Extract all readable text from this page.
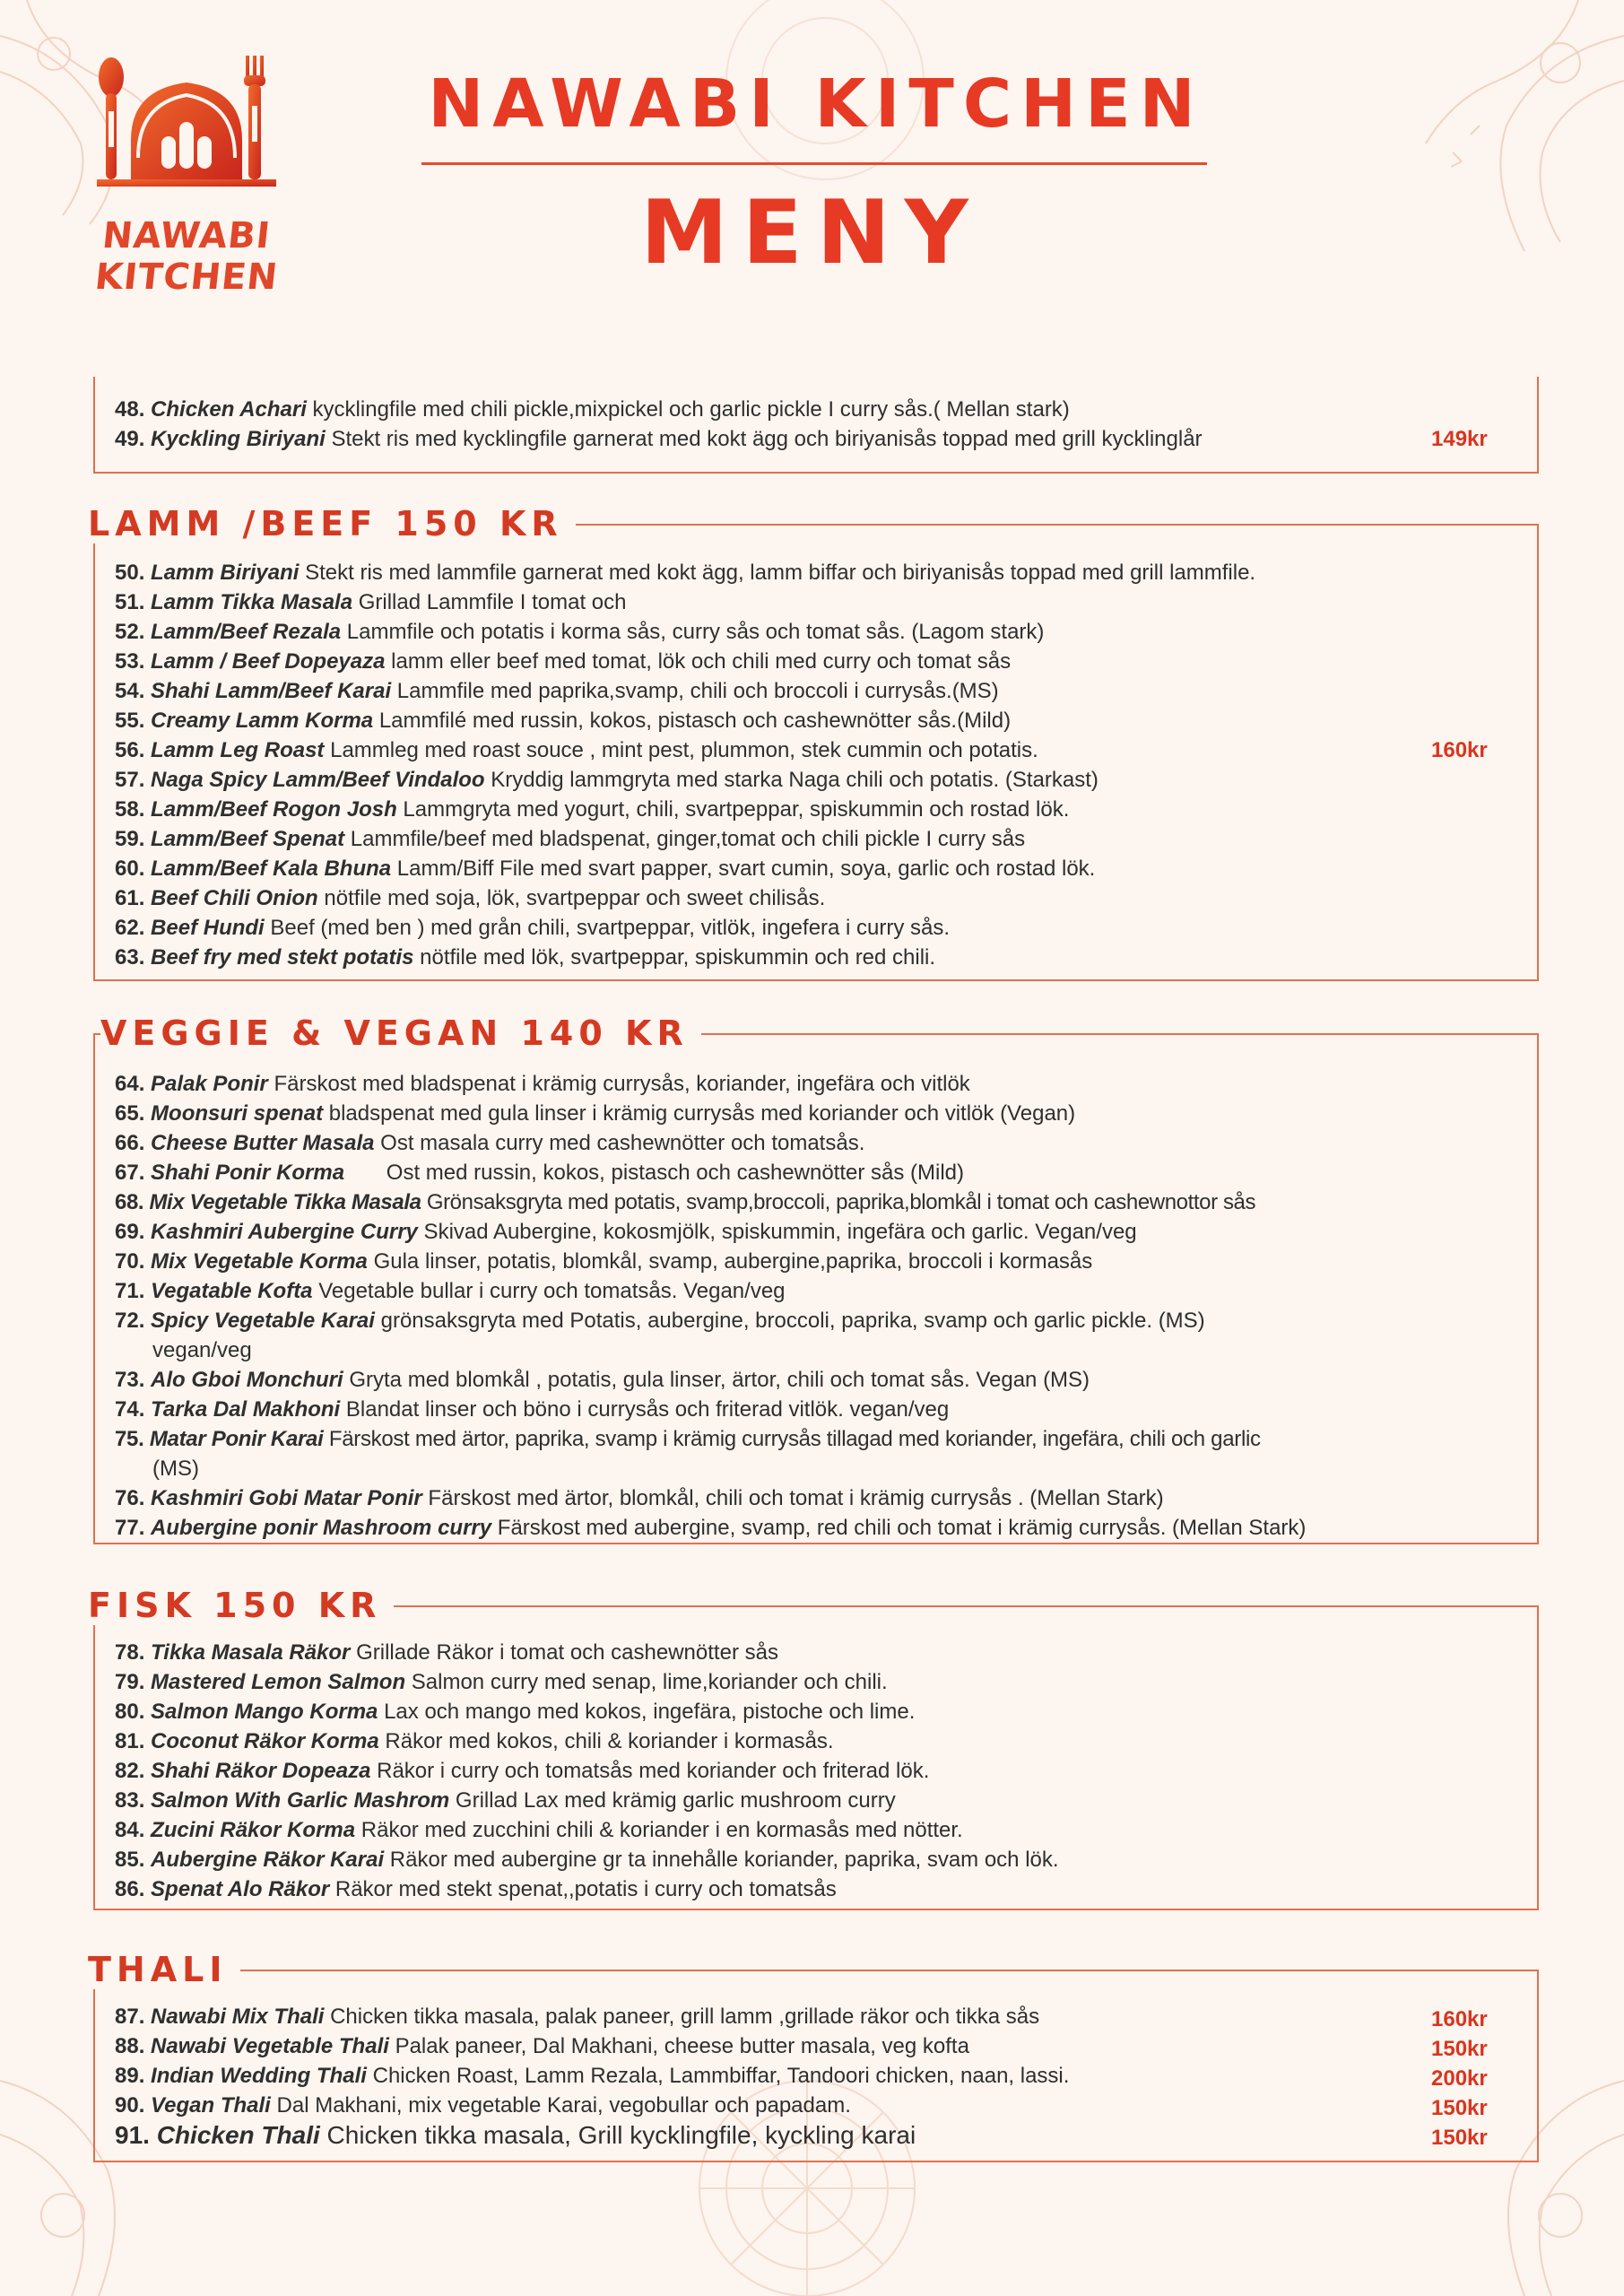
NAWABI
KITCHEN
NAWABI KITCHEN
MENY
LAMM /BEEF 150 KR
VEGGIE & VEGAN 140 KR
FISK 150 KR
THALI
48. Chicken Achari kycklingfile med chili pickle,mixpickel och garlic pickle I curry sås.( Mellan stark)
49. Kyckling Biriyani Stekt ris med kycklingfile garnerat med kokt ägg och biriyanisås toppad med grill kycklinglår	149kr
50. Lamm Biriyani Stekt ris med lammfile garnerat med kokt ägg, lamm biffar och biriyanisås toppad med grill lammfile.
51. Lamm Tikka Masala Grillad Lammfile I tomat och
52. Lamm/Beef Rezala Lammfile och potatis i korma sås, curry sås och tomat sås. (Lagom stark)
53. Lamm / Beef Dopeyaza lamm eller beef med tomat, lök och chili med curry och tomat sås
54. Shahi Lamm/Beef Karai Lammfile med paprika,svamp, chili och broccoli i currysås.(MS)
55. Creamy Lamm Korma Lammfilé med russin, kokos, pistasch och cashewnötter sås.(Mild)
56. Lamm Leg Roast Lammleg med roast souce , mint pest, plummon, stek cummin och potatis.
57. Naga Spicy Lamm/Beef Vindaloo Kryddig lammgryta med starka Naga chili och potatis. (Starkast)
58. Lamm/Beef Rogon Josh Lammgryta med yogurt, chili, svartpeppar, spiskummin och rostad lök.
59. Lamm/Beef Spenat Lammfile/beef med bladspenat, ginger,tomat och chili pickle I curry sås
60. Lamm/Beef Kala Bhuna Lamm/Biff File med svart papper, svart cumin, soya, garlic och rostad lök.
61. Beef Chili Onion nötfile med soja, lök, svartpeppar och sweet chilisås.
62. Beef Hundi Beef (med ben ) med grån chili, svartpeppar, vitlök, ingefera i curry sås.
63. Beef fry med stekt potatis nötfile med lök, svartpeppar, spiskummin och red chili.
160kr
64. Palak Ponir Färskost med bladspenat i krämig currysås, koriander, ingefära och vitlök
65. Moonsuri spenat bladspenat med gula linser i krämig currysås med koriander och vitlök (Vegan)
66. Cheese Butter Masala Ost masala curry med cashewnötter och tomatsås.
67. Shahi Ponir Korma       Ost med russin, kokos, pistasch och cashewnötter sås (Mild)
68. Mix Vegetable Tikka Masala Grönsaksgryta med potatis, svamp,broccoli, paprika,blomkål i tomat och cashewnottor sås
69. Kashmiri Aubergine Curry Skivad Aubergine, kokosmjölk, spiskummin, ingefära och garlic. Vegan/veg
70. Mix Vegetable Korma Gula linser, potatis, blomkål, svamp, aubergine,paprika, broccoli i kormasås
71. Vegatable Kofta Vegetable bullar i curry och tomatsås. Vegan/veg
72. Spicy Vegetable Karai grönsaksgryta med Potatis, aubergine, broccoli, paprika, svamp och garlic pickle. (MS)
vegan/veg
73. Alo Gboi Monchuri Gryta med blomkål , potatis, gula linser, ärtor, chili och tomat sås. Vegan (MS)
74. Tarka Dal Makhoni Blandat linser och böno i currysås och friterad vitlök. vegan/veg
75. Matar Ponir Karai Färskost med ärtor, paprika, svamp i krämig currysås tillagad med koriander, ingefära, chili och garlic
(MS)
76. Kashmiri Gobi Matar Ponir Färskost med ärtor, blomkål, chili och tomat i krämig currysås . (Mellan Stark)
77. Aubergine ponir Mashroom curry Färskost med aubergine, svamp, red chili och tomat i krämig currysås. (Mellan Stark)
78. Tikka Masala Räkor Grillade Räkor i tomat och cashewnötter sås
79. Mastered Lemon Salmon Salmon curry med senap, lime,koriander och chili.
80. Salmon Mango Korma Lax och mango med kokos, ingefära, pistoche och lime.
81. Coconut Räkor Korma Räkor med kokos, chili & koriander i kormasås.
82. Shahi Räkor Dopeaza Räkor i curry och tomatsås med koriander och friterad lök.
83. Salmon With Garlic Mashrom Grillad Lax med krämig garlic mushroom curry
84. Zucini Räkor Korma Räkor med zucchini chili & koriander i en kormasås med nötter.
85. Aubergine Räkor Karai Räkor med aubergine gr ta innehålle koriander, paprika, svam och lök.
86. Spenat Alo Räkor Räkor med stekt spenat,,potatis i curry och tomatsås
87. Nawabi Mix Thali Chicken tikka masala, palak paneer, grill lamm ,grillade räkor och tikka sås
88. Nawabi Vegetable Thali Palak paneer, Dal Makhani, cheese butter masala, veg kofta
89. Indian Wedding Thali Chicken Roast, Lamm Rezala, Lammbiffar, Tandoori chicken, naan, lassi.
90. Vegan Thali Dal Makhani, mix vegetable Karai, vegobullar och papadam.
91. Chicken Thali Chicken tikka masala, Grill kycklingfile, kyckling karai
160kr
150kr
200kr
150kr
150kr
